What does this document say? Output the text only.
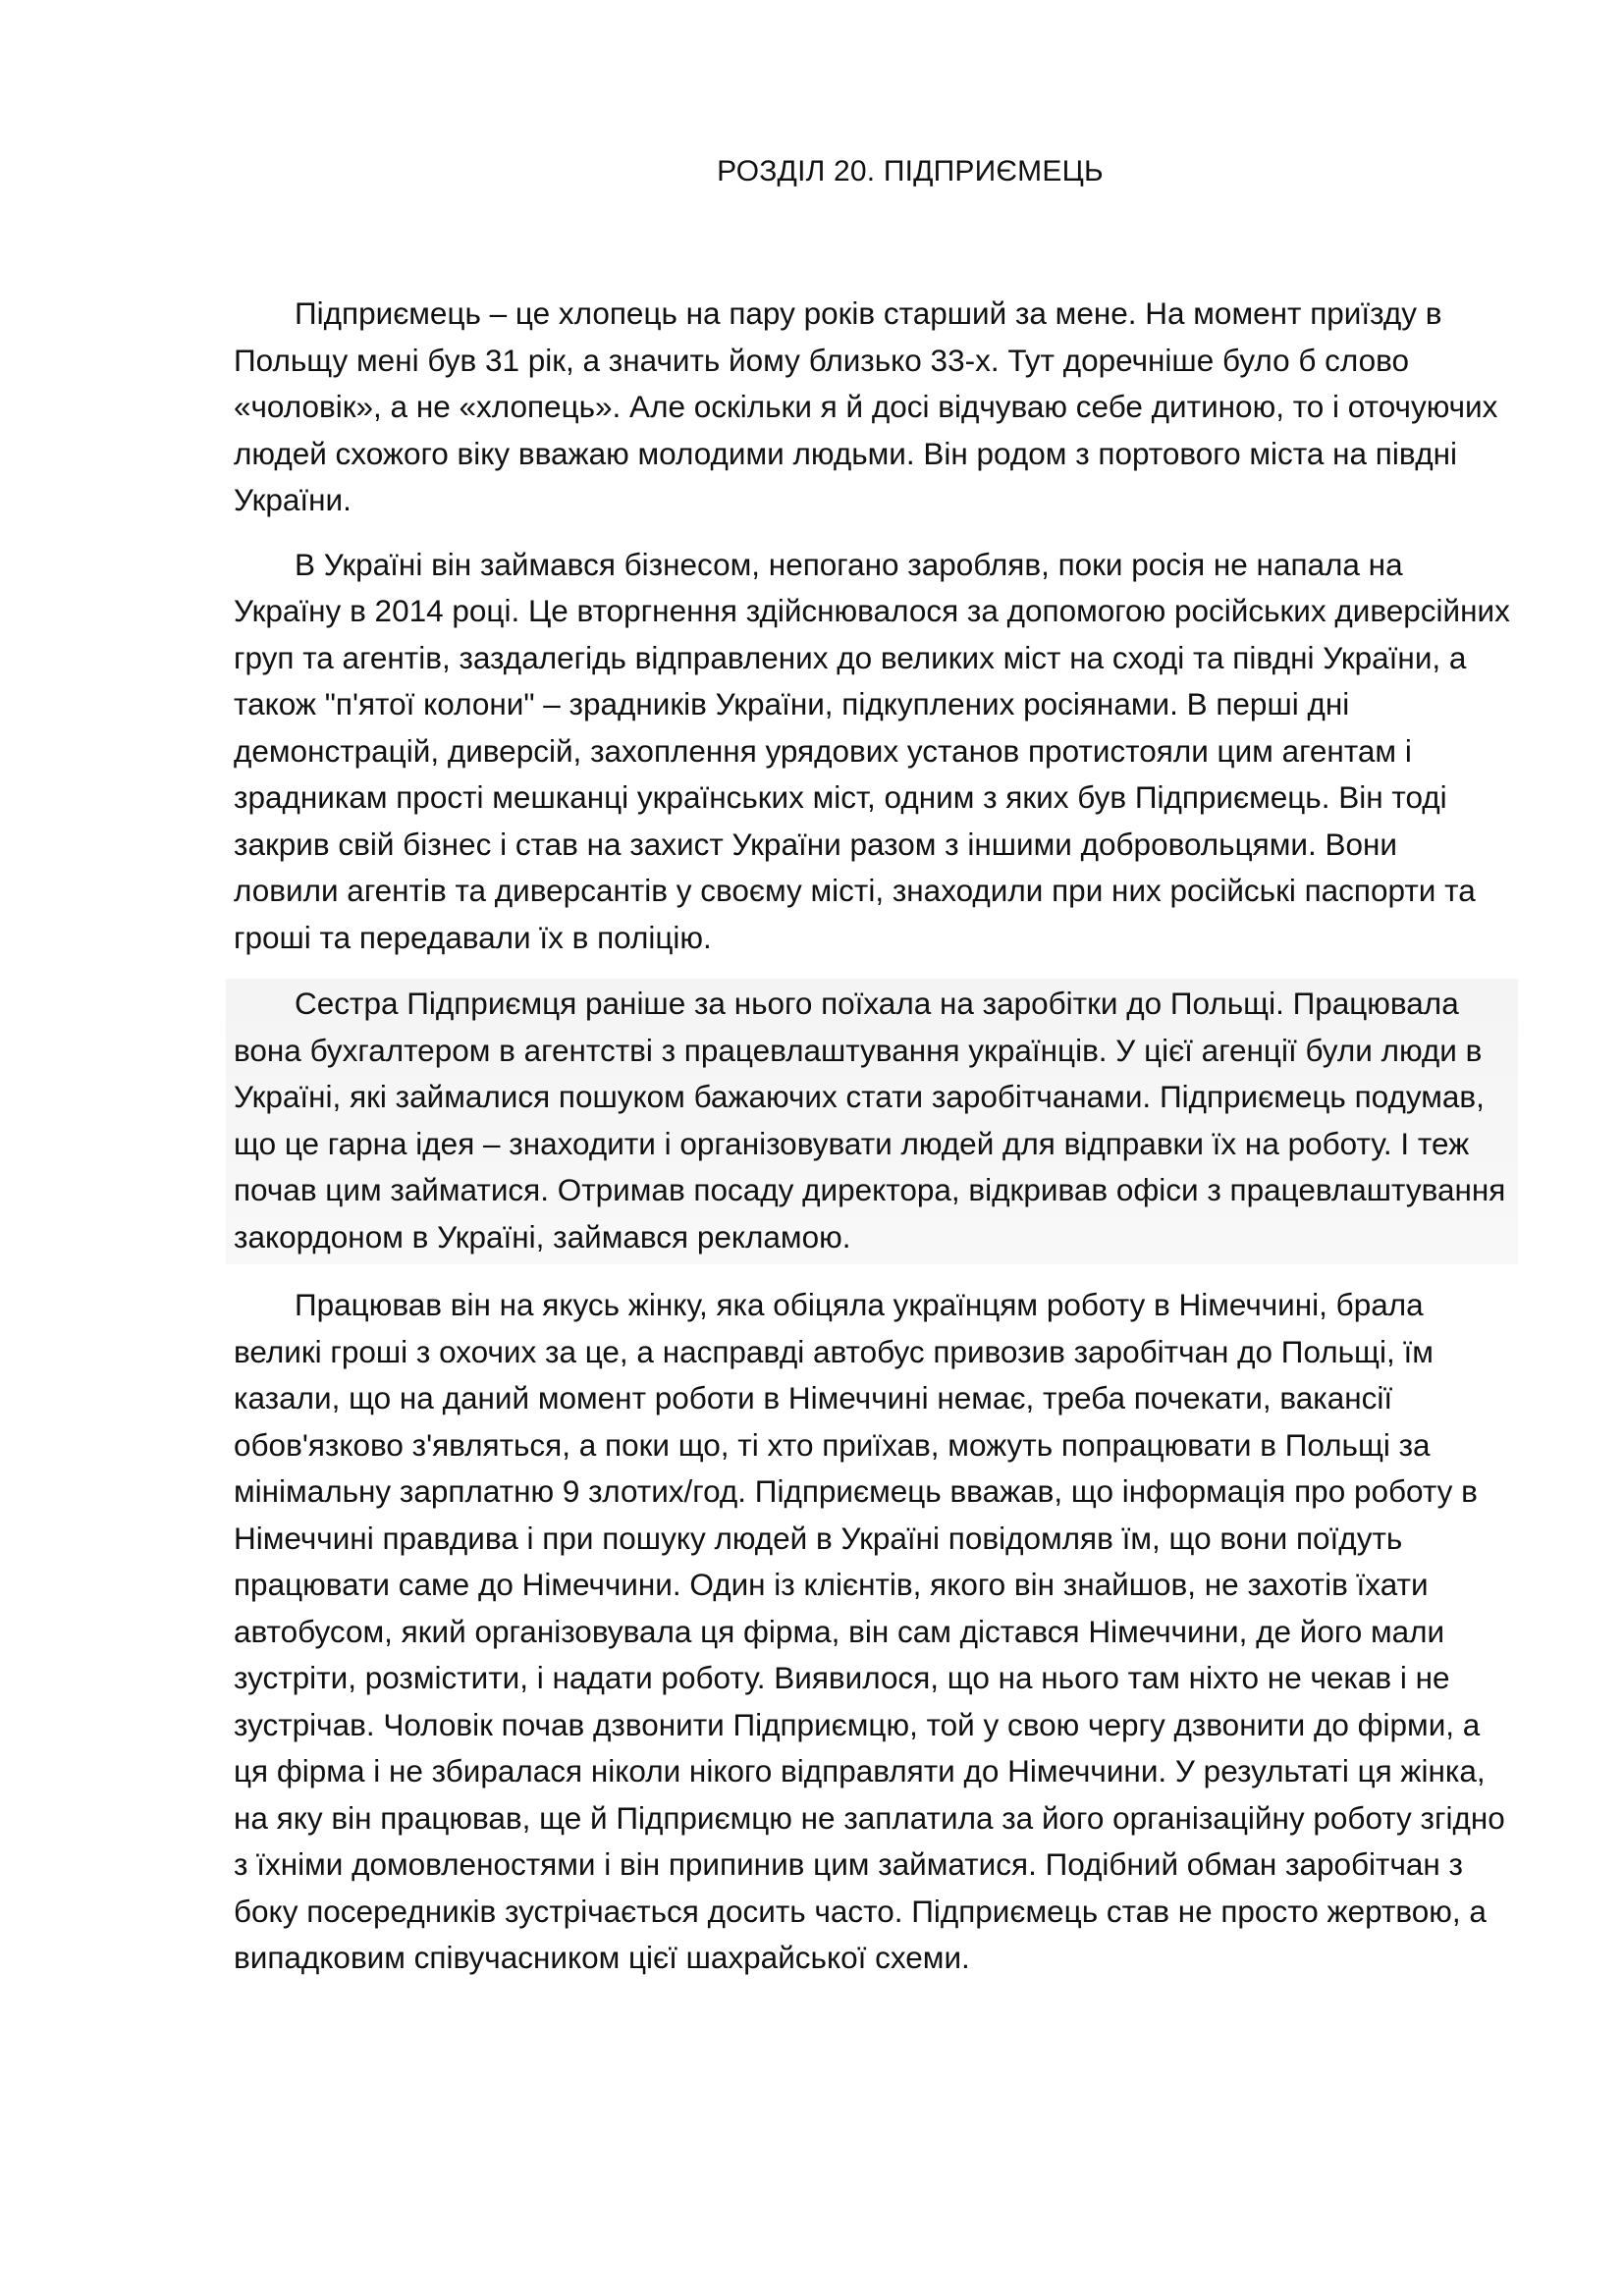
РОЗДІЛ 20. ПІДПРИЄМЕЦЬ

Підприємець – це хлопець на пару років старший за мене. На момент приїзду в Польщу мені був 31 рік, а значить йому близько 33-х. Тут доречніше було б слово «чоловік», а не «хлопець». Але оскільки я й досі відчуваю себе дитиною, то і оточуючих людей схожого віку вважаю молодими людьми. Він родом з портового міста на півдні України.

В Україні він займався бізнесом, непогано заробляв, поки росія не напала на Україну в 2014 році. Це вторгнення здійснювалося за допомогою російських диверсійних груп та агентів, заздалегідь відправлених до великих міст на сході та півдні України, а також "п'ятої колони" – зрадників України, підкуплених росіянами. В перші дні демонстрацій, диверсій, захоплення урядових установ протистояли цим агентам і зрадникам прості мешканці українських міст, одним з яких був Підприємець. Він тоді закрив свій бізнес і став на захист України разом з іншими добровольцями. Вони ловили агентів та диверсантів у своєму місті, знаходили при них російські паспорти та гроші та передавали їх в поліцію.

Сестра Підприємця раніше за нього поїхала на заробітки до Польщі. Працювала вона бухгалтером в агентстві з працевлаштування українців. У цієї агенції були люди в Україні, які займалися пошуком бажаючих стати заробітчанами. Підприємець подумав, що це гарна ідея – знаходити і організовувати людей для відправки їх на роботу. І теж почав цим займатися. Отримав посаду директора, відкривав офіси з працевлаштування закордоном в Україні, займався рекламою.

Працював він на якусь жінку, яка обіцяла українцям роботу в Німеччині, брала великі гроші з охочих за це, а насправді автобус привозив заробітчан до Польщі, їм казали, що на даний момент роботи в Німеччині немає, треба почекати, вакансії обов'язково з'являться, а поки що, ті хто приїхав, можуть попрацювати в Польщі за мінімальну зарплатню 9 злотих/год. Підприємець вважав, що інформація про роботу в Німеччині правдива і при пошуку людей в Україні повідомляв їм, що вони поїдуть працювати саме до Німеччини. Один із клієнтів, якого він знайшов, не захотів їхати автобусом, який організовувала ця фірма, він сам дістався Німеччини, де його мали зустріти, розмістити, і надати роботу. Виявилося, що на нього там ніхто не чекав і не зустрічав. Чоловік почав дзвонити Підприємцю, той у свою чергу дзвонити до фірми, а ця фірма і не збиралася ніколи нікого відправляти до Німеччини. У результаті ця жінка, на яку він працював, ще й Підприємцю не заплатила за його організаційну роботу згідно з їхніми домовленостями і він припинив цим займатися. Подібний обман заробітчан з боку посередників зустрічається досить часто. Підприємець став не просто жертвою, а випадковим співучасником цієї шахрайської схеми.
